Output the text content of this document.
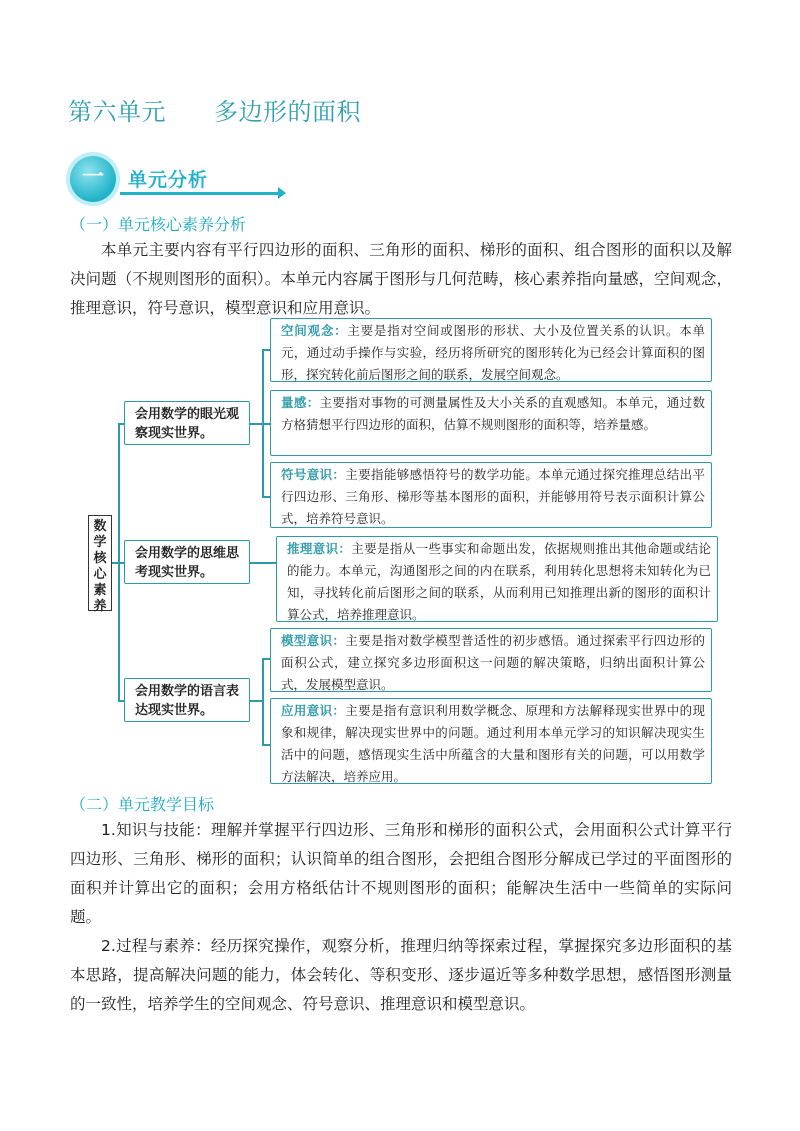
第六单元 多边形的面积
一	单元分析
（一）单元核心素养分析
本单元主要内容有平行四边形的面积、三角形的面积、梯形的面积、组合图形的面积以及解决问题（不规则图形的面积）。本单元内容属于图形与几何范畴，核心素养指向量感，空间观念，推理意识，符号意识，模型意识和应用意识。
数学核心素养
会用数学的眼光观察现实世界。
会用数学的思维思考现实世界。
会用数学的语言表达现实世界。
空间观念：主要是指对空间或图形的形状、大小及位置关系的认识。本单元，通过动手操作与实验，经历将所研究的图形转化为已经会计算面积的图形，探究转化前后图形之间的联系，发展空间观念。
量感：主要指对事物的可测量属性及大小关系的直观感知。本单元，通过数方格猜想平行四边形的面积，估算不规则图形的面积等，培养量感。
符号意识：主要指能够感悟符号的数学功能。本单元通过探究推理总结出平行四边形、三角形、梯形等基本图形的面积，并能够用符号表示面积计算公式，培养符号意识。
推理意识：主要是指从一些事实和命题出发，依据规则推出其他命题或结论的能力。本单元，沟通图形之间的内在联系，利用转化思想将未知转化为已知，寻找转化前后图形之间的联系，从而利用已知推理出新的图形的面积计算公式，培养推理意识。
模型意识：主要是指对数学模型普适性的初步感悟。通过探索平行四边形的面积公式，建立探究多边形面积这一问题的解决策略，归纳出面积计算公式，发展模型意识。
应用意识：主要是指有意识利用数学概念、原理和方法解释现实世界中的现象和规律，解决现实世界中的问题。通过利用本单元学习的知识解决现实生活中的问题，感悟现实生活中所蕴含的大量和图形有关的问题，可以用数学方法解决，培养应用。
（二）单元教学目标
1.知识与技能：理解并掌握平行四边形、三角形和梯形的面积公式，会用面积公式计算平行四边形、三角形、梯形的面积；认识简单的组合图形，会把组合图形分解成已学过的平面图形的面积并计算出它的面积；会用方格纸估计不规则图形的面积；能解决生活中一些简单的实际问题。
2.过程与素养：经历探究操作，观察分析，推理归纳等探索过程，掌握探究多边形面积的基本思路，提高解决问题的能力，体会转化、等积变形、逐步逼近等多种数学思想，感悟图形测量的一致性，培养学生的空间观念、符号意识、推理意识和模型意识。
